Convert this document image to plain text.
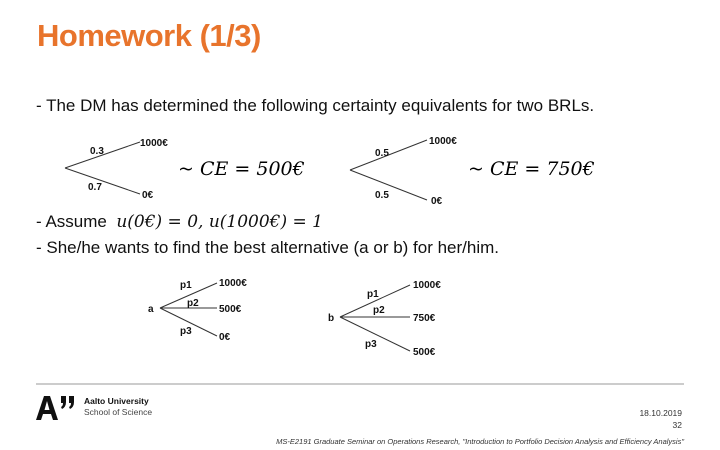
Homework (1/3)
- The DM has determined the following certainty equivalents for two BRLs.
0.3
1000€
0.7
0€
~ CE = 500€
0.5
1000€
0.5
0€
~ CE = 750€
- Assume u(0€) = 0, u(1000€) = 1
- She/he wants to find the best alternative (a or b) for her/him.
a
p1	1000€
p2
500€
p3
0€
b
p1
1000€
p2
750€
p3
500€
Aalto University
School of Science	18.10.2019
32
MS-E2191 Graduate Seminar on Operations Research, "Introduction to Portfolio Decision Analysis and Efficiency Analysis"
